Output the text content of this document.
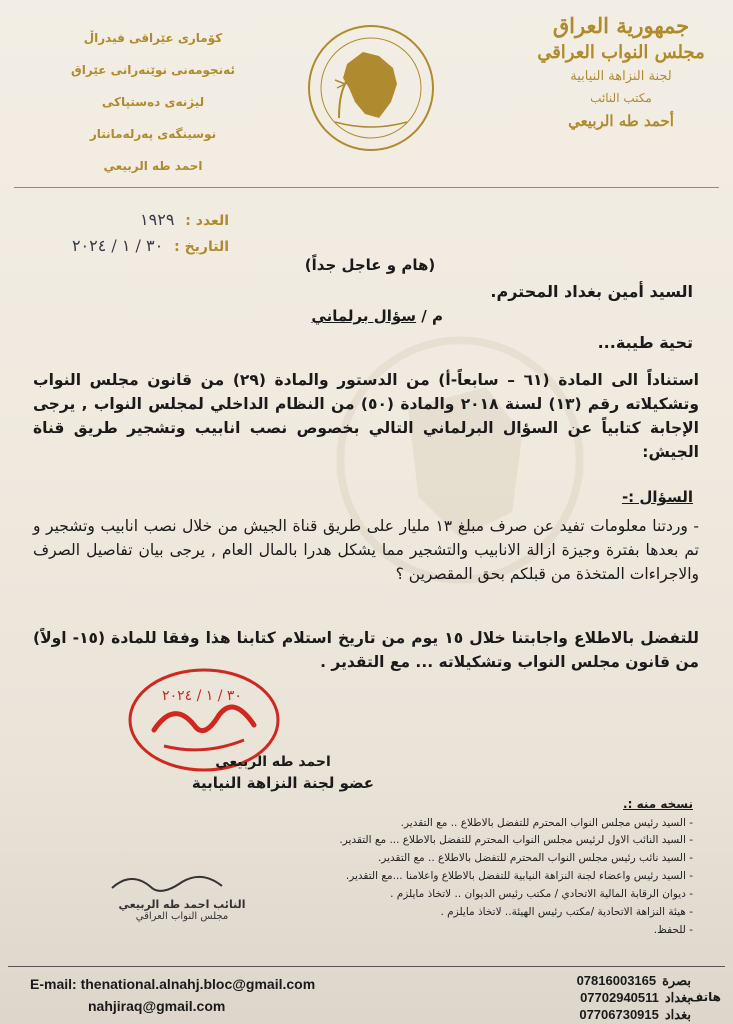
جمهورية العراق
مجلس النواب العراقي
لجنة النزاهة النيابية
مكتب النائب
أحمد طه الربيعي
كۆماری عێراقی فیدراڵ
ئەنجومەنی نوێنەرانی عێراق
لیژنەی دەستپاکی
نوسینگەی پەرلەمانتار
احمد طه الربيعي
العدد : ١٩٢٩
التاريخ : ٣٠ / ١ / ٢٠٢٤
(هام و عاجل جداً)
السيد أمين بغداد المحترم.
م / سؤال برلماني
تحية طيبة...
استناداً الى المادة (٦١ – سابعاً-أ) من الدستور والمادة (٢٩) من قانون مجلس النواب وتشكيلاته رقم (١٣) لسنة ٢٠١٨ والمادة (٥٠) من النظام الداخلي لمجلس النواب , يرجى الإجابة كتابياً عن السؤال البرلماني التالي بخصوص نصب انابيب وتشجير طريق قناة الجيش:
السؤال :-
- وردتنا معلومات تفيد عن صرف مبلغ ١٣ مليار على طريق قناة الجيش من خلال نصب انابيب وتشجير و تم بعدها بفترة وجيزة ازالة الانابيب والتشجير مما يشكل هدرا بالمال العام , يرجى بيان تفاصيل الصرف والاجراءات المتخذة من قبلكم بحق المقصرين ؟
للتفضل بالاطلاع واجابتنا خلال ١٥ يوم من تاريخ استلام كتابنا هذا وفقا للمادة (١٥- اولاً) من قانون مجلس النواب وتشكيلاته ... مع التقدير .
٣٠ / ١ / ٢٠٢٤
احمد طه الربيعي
عضو لجنة النزاهة النيابية
نسخه منه :.
- السيد رئيس مجلس النواب المحترم للتفضل بالاطلاع .. مع التقدير.
- السيد النائب الاول لرئيس مجلس النواب المحترم للتفضل بالاطلاع ... مع التقدير.
- السيد نائب رئيس مجلس النواب المحترم للتفضل بالاطلاع .. مع التقدير.
- السيد رئيس واعضاء لجنة النزاهة النيابية للتفضل بالاطلاع واعلامنا ...مع التقدير.
- ديوان الرقابة المالية الاتحادي / مكتب رئيس الديوان .. لاتخاذ مايلزم .
- هيئة النزاهة الاتحادية /مكتب رئيس الهيئة.. لاتخاذ مايلزم .
- للحفظ.
النائب احمد طه الربيعي
مجلس النواب العراقي
E-mail: thenational.alnahj.bloc@gmail.com
nahjiraq@gmail.com
07816003165 بصرة
07702940511 بغداد
07706730915 بغداد
هاتف
